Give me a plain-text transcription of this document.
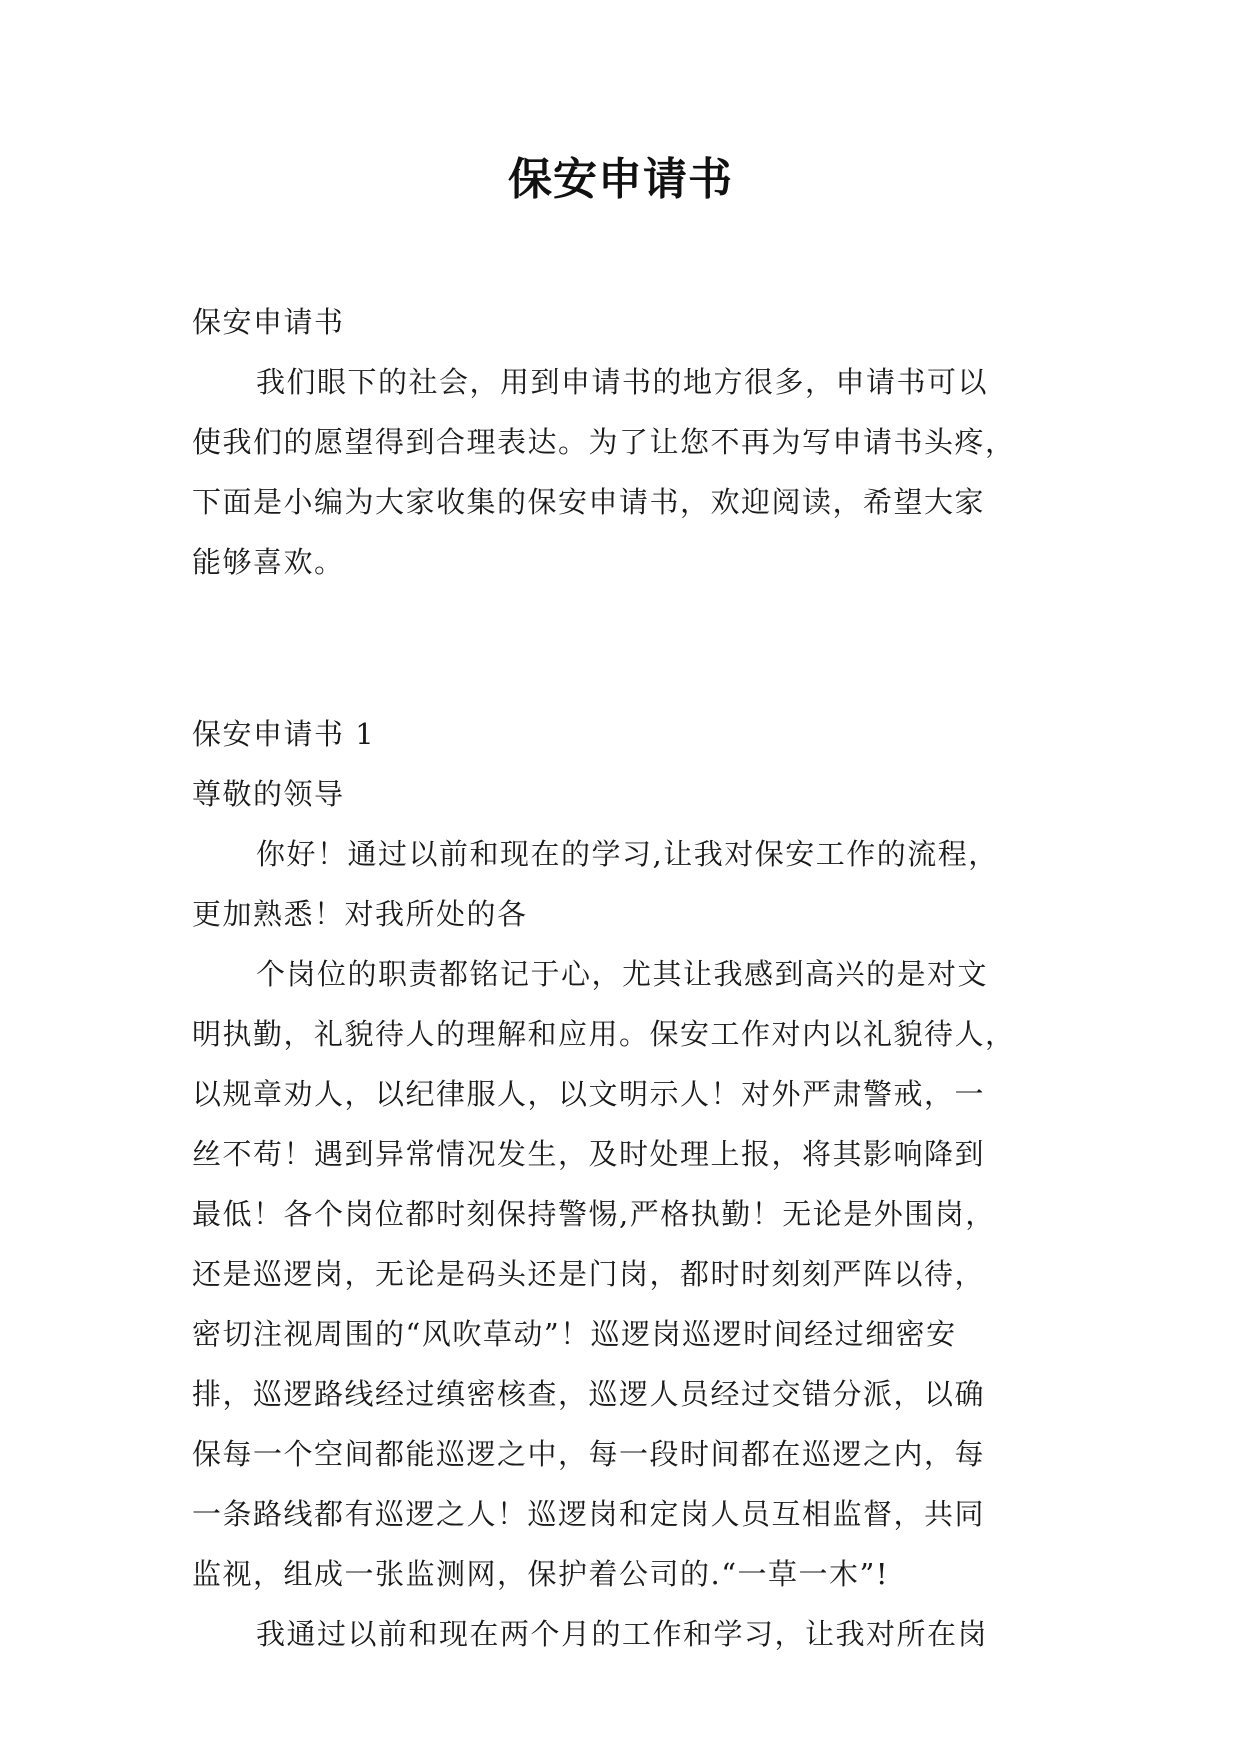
保安申请书

保安申请书

我们眼下的社会，用到申请书的地方很多，申请书可以

使我们的愿望得到合理表达。为了让您不再为写申请书头疼，

下面是小编为大家收集的保安申请书，欢迎阅读，希望大家

能够喜欢。

保安申请书 1

尊敬的领导

你好！通过以前和现在的学习,让我对保安工作的流程，

更加熟悉！对我所处的各

个岗位的职责都铭记于心，尤其让我感到高兴的是对文

明执勤，礼貌待人的理解和应用。保安工作对内以礼貌待人，

以规章劝人，以纪律服人，以文明示人！对外严肃警戒，一

丝不苟！遇到异常情况发生，及时处理上报，将其影响降到

最低！各个岗位都时刻保持警惕,严格执勤！无论是外围岗，

还是巡逻岗，无论是码头还是门岗，都时时刻刻严阵以待，

密切注视周围的“风吹草动”！巡逻岗巡逻时间经过细密安

排，巡逻路线经过缜密核查，巡逻人员经过交错分派，以确

保每一个空间都能巡逻之中，每一段时间都在巡逻之内，每

一条路线都有巡逻之人！巡逻岗和定岗人员互相监督，共同

监视，组成一张监测网，保护着公司的.“一草一木”!

我通过以前和现在两个月的工作和学习，让我对所在岗
